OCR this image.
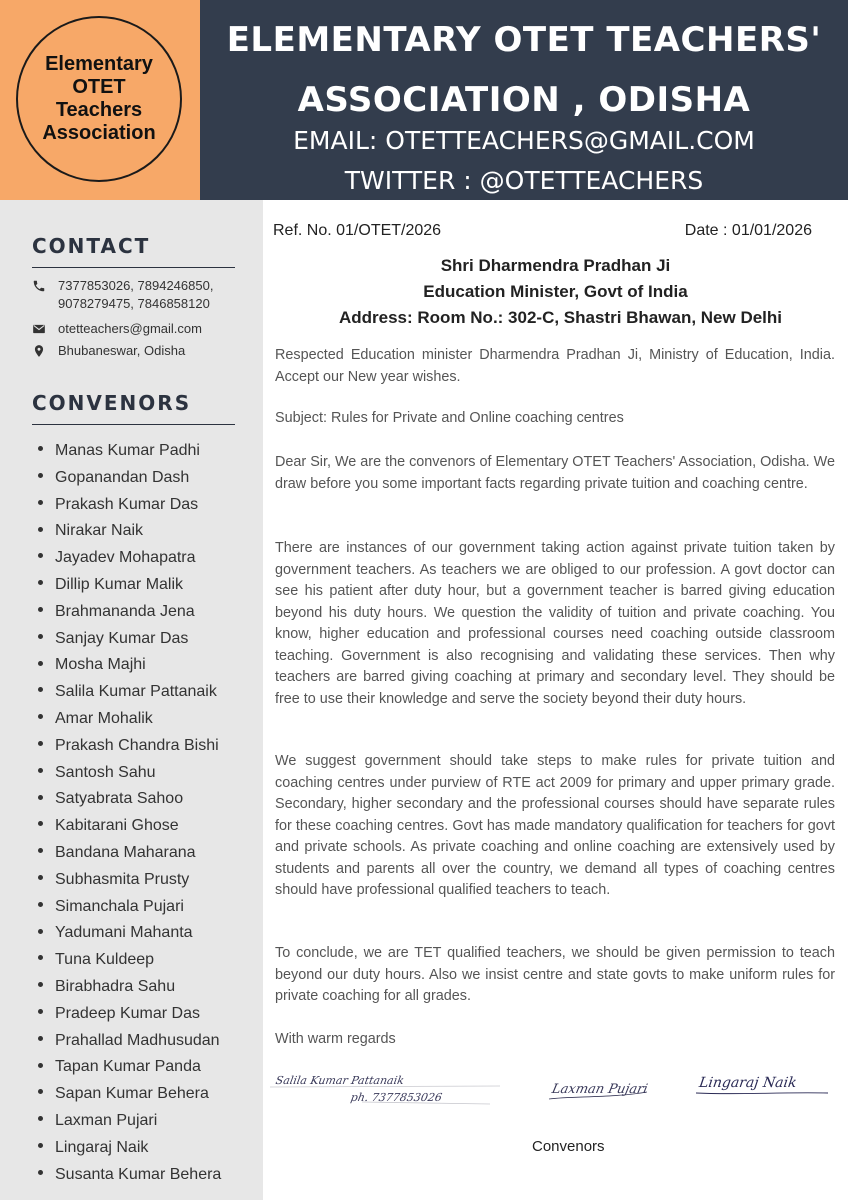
Elementary
OTET
Teachers
Association
ELEMENTARY OTET TEACHERS'
ASSOCIATION , ODISHA
EMAIL: OTETTEACHERS@GMAIL.COM
TWITTER : @OTETTEACHERS
CONTACT
7377853026, 7894246850,
9078279475, 7846858120
otetteachers@gmail.com
Bhubaneswar, Odisha
CONVENORS
Manas Kumar Padhi
Gopanandan Dash
Prakash Kumar Das
Nirakar Naik
Jayadev Mohapatra
Dillip Kumar Malik
Brahmananda Jena
Sanjay Kumar Das
Mosha Majhi
Salila Kumar Pattanaik
Amar Mohalik
Prakash Chandra Bishi
Santosh Sahu
Satyabrata Sahoo
Kabitarani Ghose
Bandana Maharana
Subhasmita Prusty
Simanchala Pujari
Yadumani Mahanta
Tuna Kuldeep
Birabhadra Sahu
Pradeep Kumar Das
Prahallad Madhusudan
Tapan Kumar Panda
Sapan Kumar Behera
Laxman Pujari
Lingaraj Naik
Susanta Kumar Behera
Ref. No. 01/OTET/2026	Date : 01/01/2026
Shri Dharmendra Pradhan Ji
Education Minister, Govt of India
Address: Room No.: 302-C, Shastri Bhawan, New Delhi
Respected Education minister Dharmendra Pradhan Ji, Ministry of Education, India. Accept our New year wishes.
Subject: Rules for Private and Online coaching centres
Dear Sir, We are the convenors of Elementary OTET Teachers' Association, Odisha. We draw before you some important facts regarding private tuition and coaching centre.
There are instances of our government taking action against private tuition taken by government teachers. As teachers we are obliged to our profession. A govt doctor can see his patient after duty hour, but a government teacher is barred giving education beyond his duty hours. We question the validity of tuition and private coaching. You know, higher education and professional courses need coaching outside classroom teaching. Government is also recognising and validating these services. Then why teachers are barred giving coaching at primary and secondary level. They should be free to use their knowledge and serve the society beyond their duty hours.
We suggest government should take steps to make rules for private tuition and coaching centres under purview of RTE act 2009 for primary and upper primary grade. Secondary, higher secondary and the professional courses should have separate rules for these coaching centres. Govt has made mandatory qualification for teachers for govt and private schools. As private coaching and online coaching are extensively used by students and parents all over the country, we demand all types of coaching centres should have professional qualified teachers to teach.
To conclude, we are TET qualified teachers, we should be given permission to teach beyond our duty hours. Also we insist centre and state govts to make uniform rules for private coaching for all grades.
With warm regards
Salila Kumar Pattanaik
ph. 7377853026
Laxman Pujari	Lingaraj Naik
Convenors
